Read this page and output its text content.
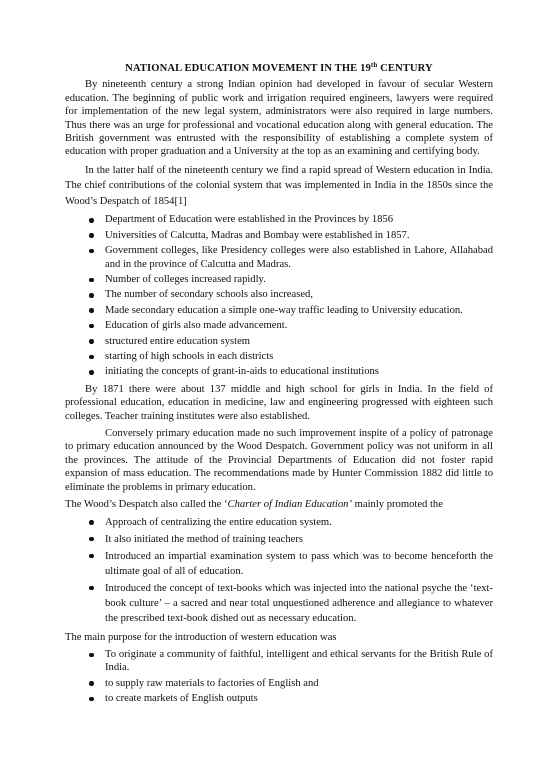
NATIONAL EDUCATION MOVEMENT IN THE 19th CENTURY

By nineteenth century a strong Indian opinion had developed in favour of secular Western education. The beginning of public work and irrigation required engineers, lawyers were required for implementation of the new legal system, administrators were also required in large numbers. Thus there was an urge for professional and vocational education along with general education. The British government was entrusted with the responsibility of establishing a complete system of education with proper graduation and a University at the top as an examining and certifying body.

In the latter half of the nineteenth century we find a rapid spread of Western education in India. The chief contributions of the colonial system that was implemented in India in the 1850s since the Wood’s Despatch of 1854[1]

Department of Education were established in the Provinces by 1856
Universities of Calcutta, Madras and Bombay were established in 1857.
Government colleges, like Presidency colleges were also established in Lahore, Allahabad and in the province of Calcutta and Madras.
Number of colleges increased rapidly.
The number of secondary schools also increased,
Made secondary education a simple one-way traffic leading to University education.
Education of girls also made advancement.
structured entire education system
starting of high schools in each districts
initiating the concepts of grant-in-aids to educational institutions

By 1871 there were about 137 middle and high school for girls in India. In the field of professional education, education in medicine, law and engineering progressed with eighteen such colleges. Teacher training institutes were also established.

Conversely primary education made no such improvement inspite of a policy of patronage to primary education announced by the Wood Despatch. Government policy was not uniform in all the provinces. The attitude of the Provincial Departments of Education did not foster rapid expansion of mass education. The recommendations made by Hunter Commission 1882 did little to eliminate the problems in primary education.

The Wood’s Despatch also called the ‘Charter of Indian Education’ mainly promoted the

Approach of centralizing the entire education system.
It also initiated the method of training teachers
Introduced an impartial examination system to pass which was to become henceforth the ultimate goal of all of education.
Introduced the concept of text-books which was injected into the national psyche the ‘text-book culture’ – a sacred and near total unquestioned adherence and allegiance to whatever the prescribed text-book dished out as necessary education.

The main purpose for the introduction of western education was

To originate a community of faithful, intelligent and ethical servants for the British Rule of India.
to supply raw materials to factories of English and
to create markets of English outputs
